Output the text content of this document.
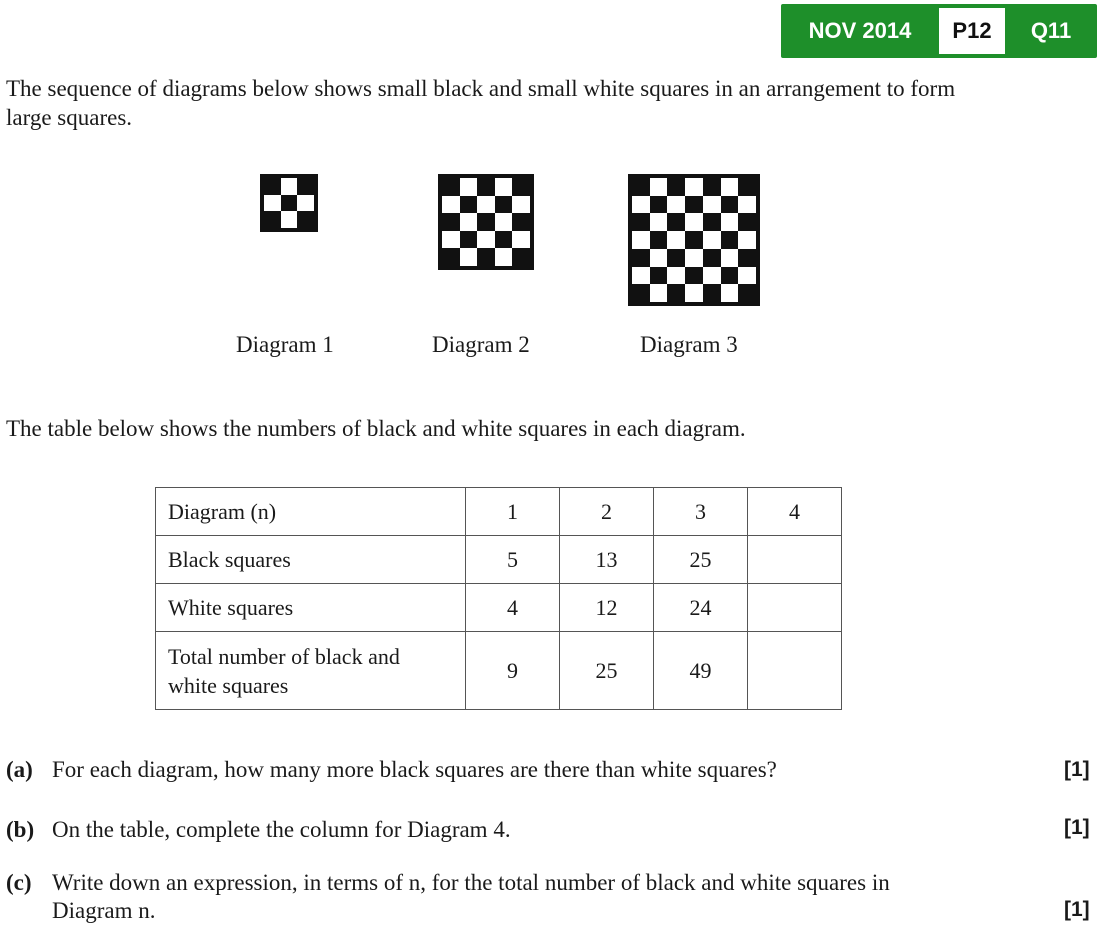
NOV 2014	P12	Q11

The sequence of diagrams below shows small black and small white squares in an arrangement to form large squares.

Diagram 1	Diagram 2	Diagram 3

The table below shows the numbers of black and white squares in each diagram.

Diagram (n)	1	2	3	4
Black squares	5	13	25	
White squares	4	12	24	
Total number of black and white squares	9	25	49	
(a) For each diagram, how many more black squares are there than white squares?	[1]
(b) On the table, complete the column for Diagram 4.	[1]
(c) Write down an expression, in terms of n, for the total number of black and white squares in Diagram n.	[1]
